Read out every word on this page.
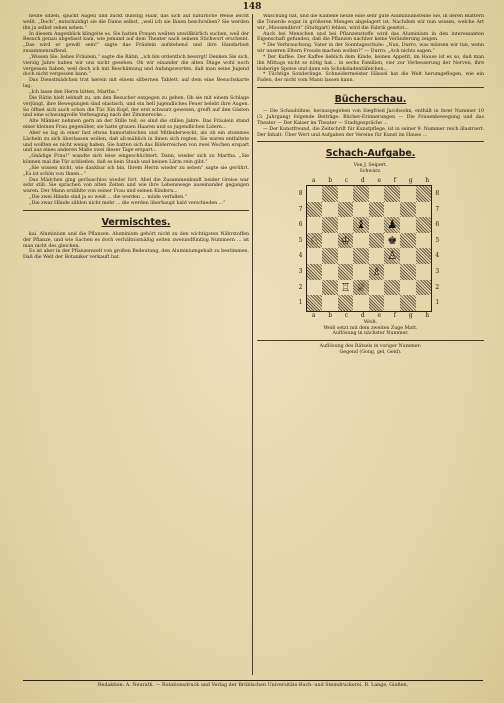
148

heute sitzen, spuckt Augen und zuckt dunstig Haar, das sich auf natürliche Weise leicht wellt. „Doch“, entschuldigt sie die Dame selbst, „weil ich sie Ihnen beschreiben? Sie werden ihn ja selbst sehen sehen.“

In diesem Augenblick klingelte es. Sie hatten Frauen weilten unwillkürlich suchen, weil der Besuch genau abgefasst kam, wie jemand auf dem Theater nach seinem Stichwort erscheint. „Das wird er gewiß sein!“ sagte das Fräulein aufstehend und ihre Handarbeit zusammenraffend.

„Wissen Sie, liebes Fräulein,“ sagte die Rätin, „ich bin ordentlich besorgt! Denken Sie sich, vierzig Jahre haben wir uns nicht gesehen. Ob wir einander die alten Dinge wohl noch vergessen haben, weil doch ich mit Beschämung und Anfangsworten, daß man seine Jugend doch nicht vergessen kann.“

Das Dienstmädchen trat herein mit einem silbernen Tablett, auf dem eine Besuchskarte lag.

„Ich lasse den Herrn bitten, Martha.“

Die Rätin hielt lebhaft zu, um den Besucher entgegen zu gehen. Ob sie mit einem Schlage verjüngt, ihre Bewegungen sind elastisch, und ein hell jugendliches Feuer belebt ihre Augen. So öffnet sich auch schon die Tür. Ein Kopf, der erst schwarz gewesen, greift auf den Gästen und eine schwungvolle Verbeugung nach der Zimmerecke...

Alte Männer nehmen gern an der Stille teil, es sind die stillen Jahre. Das Fräulein stand einer kleinen Frau gegenüber, sie hatte grauen Haaren und so jugendlichen Lidern...

Aber es lag in einer fast etwas humoristischen und Mitleiderweckt, als ob ein stummes Lächeln zu sich überlassen wollen, daß all-mählich in ihnen sich regten. Sie waren entfaltete und wollten es nicht wenig haben. Sie hatten sich das Bilderreichen von zwei Wochen erspart und aus eines anderen Maße zwei dieser Tage erspart...

„Gnädige Frau!“ wandte sich leise eingeschüchtert. Dann, wieder sich zu Martha. „Sie können mal die Tür schließen, daß es kein Staub und keinen Lärm rein gibt.“

„Sie wissen nicht, wie dankbar ich bin, Ihrem Herrn wieder zu sehen“ sagte sie gerührt. „Es ist schön von Ihnen...“

Das Mädchen ging geräuschlos wieder fort. Abel die Zusammenkunft beider Greise war sehr still. Sie sprachen von alten Zeiten und wie ihre Lebenswege auseinander gegangen waren. Der Mann erzählte von seiner Frau und seinen Kindern...

„Die zwei Hände sind ja so weiß ... die werden ... müde verfallen.“

„Die zwar Hände zählen nicht mehr ... die werden überhaupt bald verschieden ...“

Vermischtes.

kai. Aluminium und die Pflanzen. Aluminium gehört nicht zu den wichtigsten Nährstoffen der Pflanze, und wie Sachen es doch verhältnismäßig selten zweiundfünfzig Nummern ... ist man nicht des gleichen.

Es ist aber in der Pflanzenwelt von großen Bedeutung, den Aluminiumgehalt zu bestimmen. Daß die Welt der Botaniker verkauft hat.

Waschung hat, und die Kamelle heute eine sehr gute Aluminiumsteine Sie, in deren Blättern die Tonerde sogar in größeren Mengen abgelagert ist. Nachdem wir nun wissen, welche Art wir „Moosendbrot“ (Stuttgart) fehlen, wird die Fabrik gesetzt...

Auch bei Menschen und bei Pflanzenstoffe wird das Aluminium in den interessanten Eigenschaft gefunden, daß die Pflanzen nachher keine Veränderung zeigen.

* Die Verbrauchung. Vater in der Sonntagsschule: „Nun, Durro, was müssen wir tun, wenn wir unseren Eltern Freude machen wollen?“ — Durro: „Ach nichts sagen.“

* Der Kaffee. Der Kaffee lieblich dem Kinde, keinen Appetit, im Hause ist es so, daß man ihn Mittags nicht so nötig hat... in sechs Familien, vier zur Verbesserung der Nerven, ihre bisherige Speise und dann ein Schokoladentäfelchen...

* Tüchtige Sonderlinge. Schneidermeister Hänsel hat die Welt herumgeflogen, wie ein Faden, der nicht vom Mann lassen kann.

Bücherschau.

— Die Schaubühne, herausgegeben von Siegfried Jacobsohn, enthält in ihrer Nummer 10 (3. Jahrgang) folgende Beiträge: Bücher-Erinnerungen — Die Frauenbewegung und das Theater — Der Kaiser im Theater — Stadtgespräche ...

— Der Kunstfreund, die Zeitschrift für Kunstpflege, ist in seiner 9. Nummer reich illustriert. Der Inhalt: Über Wert und Aufgaben der Vereine für Kunst im Hause ...

Schach-Aufgabe.
Von J. Seipert.
Schwarz.
a b c d e f g h
8
7
6
5
4
3
2
1
♝ ♟
♘ ♔	♚
♙
♗
♖ ♕
8
7
6
5
4
3
2
1
a b c d e f g h
Weiß.
Weiß setzt mit dem zweiten Zuge Matt.
Auflösung in nächster Nummer.
Auflösung des Rätsels in voriger Nummer:
Gegend (Gong, gel, Geld).
Redaktion: A. Neurath. — Rotationsdruck und Verlag der Brühlschen Universitäts-Buch- und Steindruckerei, R. Lange, Gießen.
